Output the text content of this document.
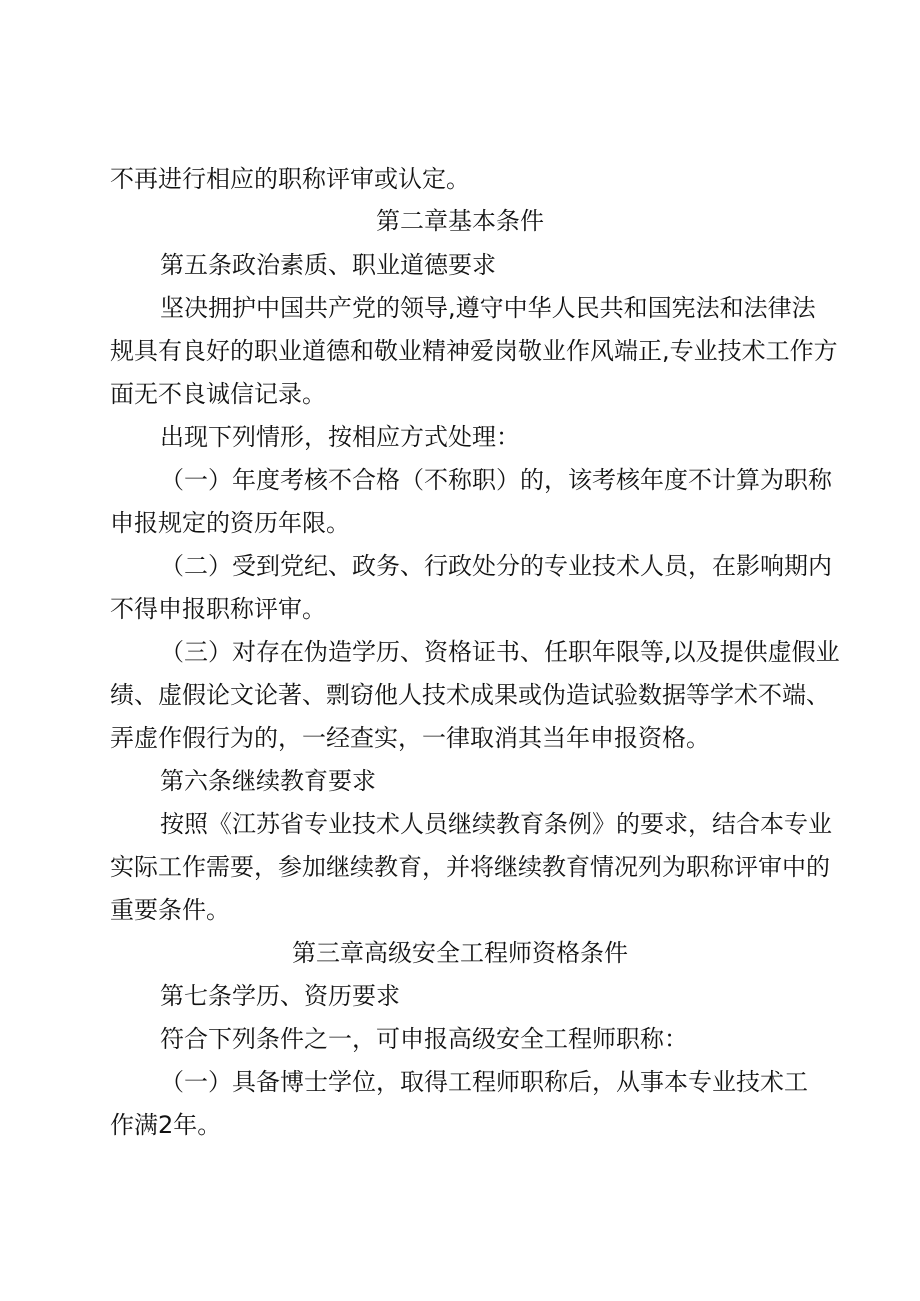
不再进行相应的职称评审或认定。
第二章基本条件
第五条政治素质、职业道德要求
坚决拥护中国共产党的领导,遵守中华人民共和国宪法和法律法
规具有良好的职业道德和敬业精神爱岗敬业作风端正,专业技术工作方
面无不良诚信记录。
出现下列情形，按相应方式处理：
（一）年度考核不合格（不称职）的，该考核年度不计算为职称
申报规定的资历年限。
（二）受到党纪、政务、行政处分的专业技术人员，在影响期内
不得申报职称评审。
（三）对存在伪造学历、资格证书、任职年限等,以及提供虚假业
绩、虚假论文论著、剽窃他人技术成果或伪造试验数据等学术不端、
弄虚作假行为的，一经查实，一律取消其当年申报资格。
第六条继续教育要求
按照《江苏省专业技术人员继续教育条例》的要求，结合本专业
实际工作需要，参加继续教育，并将继续教育情况列为职称评审中的
重要条件。
第三章高级安全工程师资格条件
第七条学历、资历要求
符合下列条件之一，可申报高级安全工程师职称：
（一）具备博士学位，取得工程师职称后，从事本专业技术工
作满2年。
